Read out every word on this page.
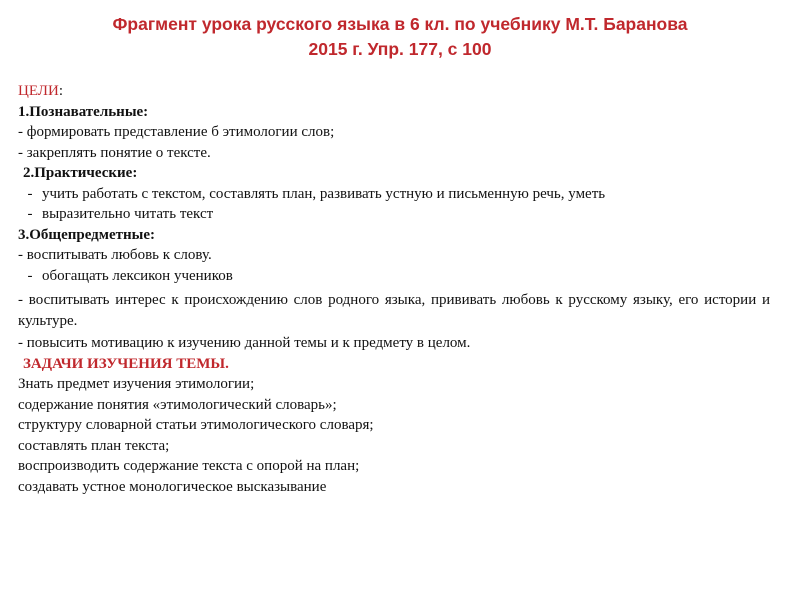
Фрагмент урока русского языка в 6 кл. по учебнику М.Т. Баранова
2015 г. Упр. 177, с 100
ЦЕЛИ:
1.Познавательные:
- формировать представление б этимологии слов;
- закреплять понятие о тексте.
2.Практические:
- учить работать с текстом, составлять план, развивать устную и письменную речь, уметь
- выразительно читать текст
3.Общепредметные:
- воспитывать любовь к слову.
- обогащать лексикон учеников
- воспитывать интерес к происхождению слов родного языка, прививать любовь к русскому языку, его истории и культуре.
- повысить мотивацию к изучению данной темы и к предмету в целом.
ЗАДАЧИ ИЗУЧЕНИЯ ТЕМЫ.
Знать предмет изучения этимологии;
содержание понятия «этимологический словарь»;
структуру словарной статьи этимологического словаря;
составлять план текста;
воспроизводить содержание текста с опорой на план;
создавать устное монологическое высказывание
